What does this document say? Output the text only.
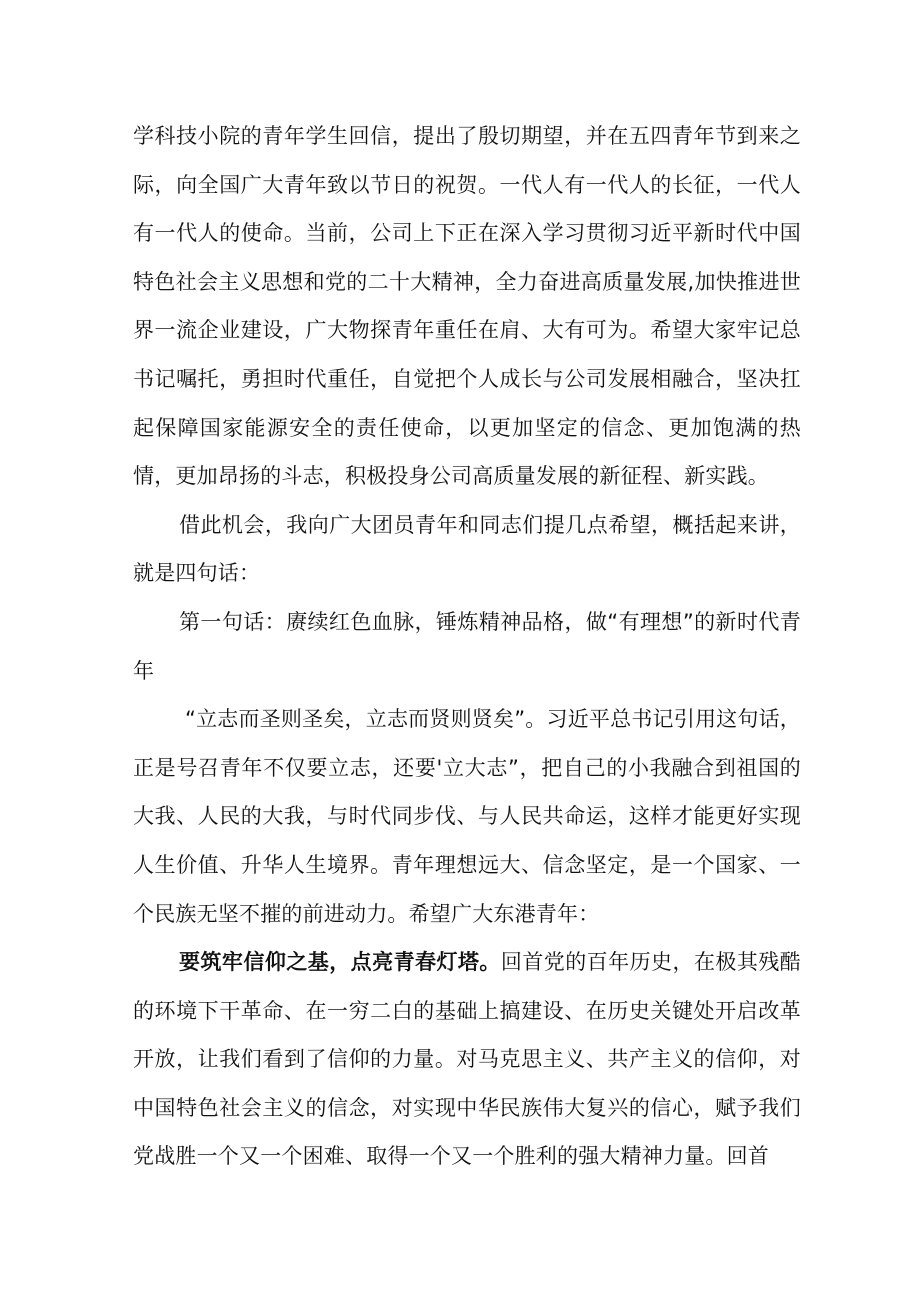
学科技小院的青年学生回信，提出了殷切期望，并在五四青年节到来之际，向全国广大青年致以节日的祝贺。一代人有一代人的长征，一代人有一代人的使命。当前，公司上下正在深入学习贯彻习近平新时代中国特色社会主义思想和党的二十大精神，全力奋进高质量发展,加快推进世界一流企业建设，广大物探青年重任在肩、大有可为。希望大家牢记总书记嘱托，勇担时代重任，自觉把个人成长与公司发展相融合，坚决扛起保障国家能源安全的责任使命，以更加坚定的信念、更加饱满的热情，更加昂扬的斗志，积极投身公司高质量发展的新征程、新实践。

借此机会，我向广大团员青年和同志们提几点希望，概括起来讲，就是四句话：

第一句话：赓续红色血脉，锤炼精神品格，做“有理想”的新时代青年

“立志而圣则圣矣，立志而贤则贤矣”。习近平总书记引用这句话，正是号召青年不仅要立志，还要'立大志”，把自己的小我融合到祖国的大我、人民的大我，与时代同步伐、与人民共命运，这样才能更好实现人生价值、升华人生境界。青年理想远大、信念坚定，是一个国家、一个民族无坚不摧的前进动力。希望广大东港青年：

要筑牢信仰之基，点亮青春灯塔。回首党的百年历史，在极其残酷的环境下干革命、在一穷二白的基础上搞建设、在历史关键处开启改革开放，让我们看到了信仰的力量。对马克思主义、共产主义的信仰，对中国特色社会主义的信念，对实现中华民族伟大复兴的信心，赋予我们党战胜一个又一个困难、取得一个又一个胜利的强大精神力量。回首
